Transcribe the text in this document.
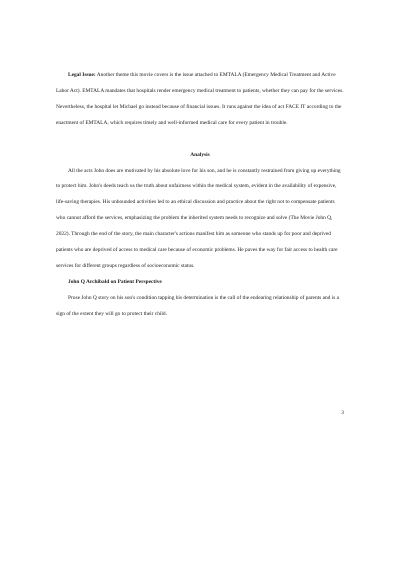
Legal Issue: Another theme this movie covers is the issue attached to EMTALA (Emergency Medical Treatment and Active Labor Act). EMTALA mandates that hospitals render emergency medical treatment to patients, whether they can pay for the services. Nevertheless, the hospital let Michael go instead because of financial issues. It runs against the idea of act FACE IT according to the enactment of EMTALA, which requires timely and well-informed medical care for every patient in trouble.

Analysis

All the acts John does are motivated by his absolute love for his son, and he is constantly restrained from giving up everything to protect him. John's deeds teach us the truth about unfairness within the medical system, evident in the availability of expensive, life-saving therapies. His unbounded activities led to an ethical discussion and practice about the right not to compensate patients who cannot afford the services, emphasizing the problem the inherited system needs to recognize and solve (The Movie John Q, 2022). Through the end of the story, the main character's actions manifest him as someone who stands up for poor and deprived patients who are deprived of access to medical care because of economic problems. He paves the way for fair access to health care services for different groups regardless of socioeconomic status.

John Q Archibald on Patient Perspective

Prose John Q story on his son's condition tapping his determination is the call of the endearing relationship of parents and is a sign of the extent they will go to protect their child.

3
